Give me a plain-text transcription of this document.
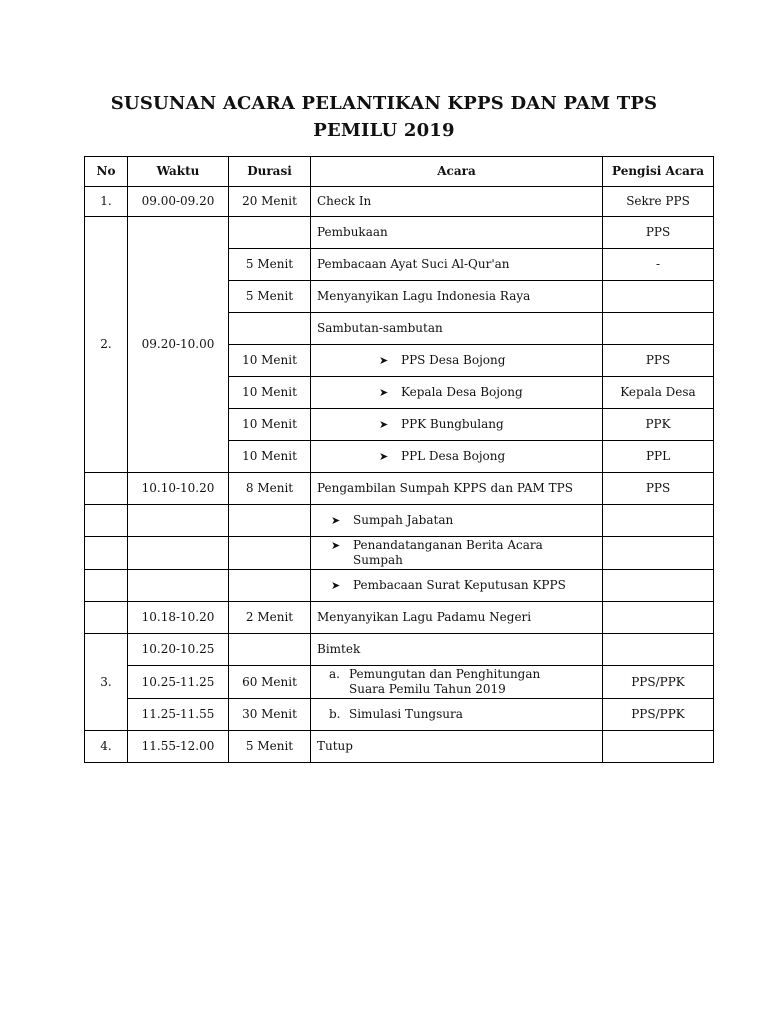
SUSUNAN ACARA PELANTIKAN KPPS DAN PAM TPS
PEMILU 2019
No	Waktu	Durasi	Acara	Pengisi Acara
1.	09.00-09.20	20 Menit	Check In	Sekre PPS
2.	09.20-10.00		Pembukaan	PPS
		5 Menit	Pembacaan Ayat Suci Al-Qur'an	-
		5 Menit	Menyanyikan Lagu Indonesia Raya	
			Sambutan-sambutan	
		10 Menit	➤ PPS Desa Bojong	PPS
		10 Menit	➤ Kepala Desa Bojong	Kepala Desa
		10 Menit	➤ PPK Bungbulang	PPK
		10 Menit	➤ PPL Desa Bojong	PPL
	10.10-10.20	8 Menit	Pengambilan Sumpah KPPS dan PAM TPS	PPS

			➤ Sumpah Jabatan	

			➤ Penandatanganan Berita Acara
Sumpah	

			➤ Pembacaan Surat Keputusan KPPS	

	10.18-10.20	2 Menit	Menyanyikan Lagu Padamu Negeri	
3.	10.20-10.25		Bimtek	
	10.25-11.25	60 Menit	a. Pemungutan dan Penghitungan
Suara Pemilu Tahun 2019	PPS/PPK
	11.25-11.55	30 Menit	b. Simulasi Tungsura	PPS/PPK
4.	11.55-12.00	5 Menit	Tutup	
